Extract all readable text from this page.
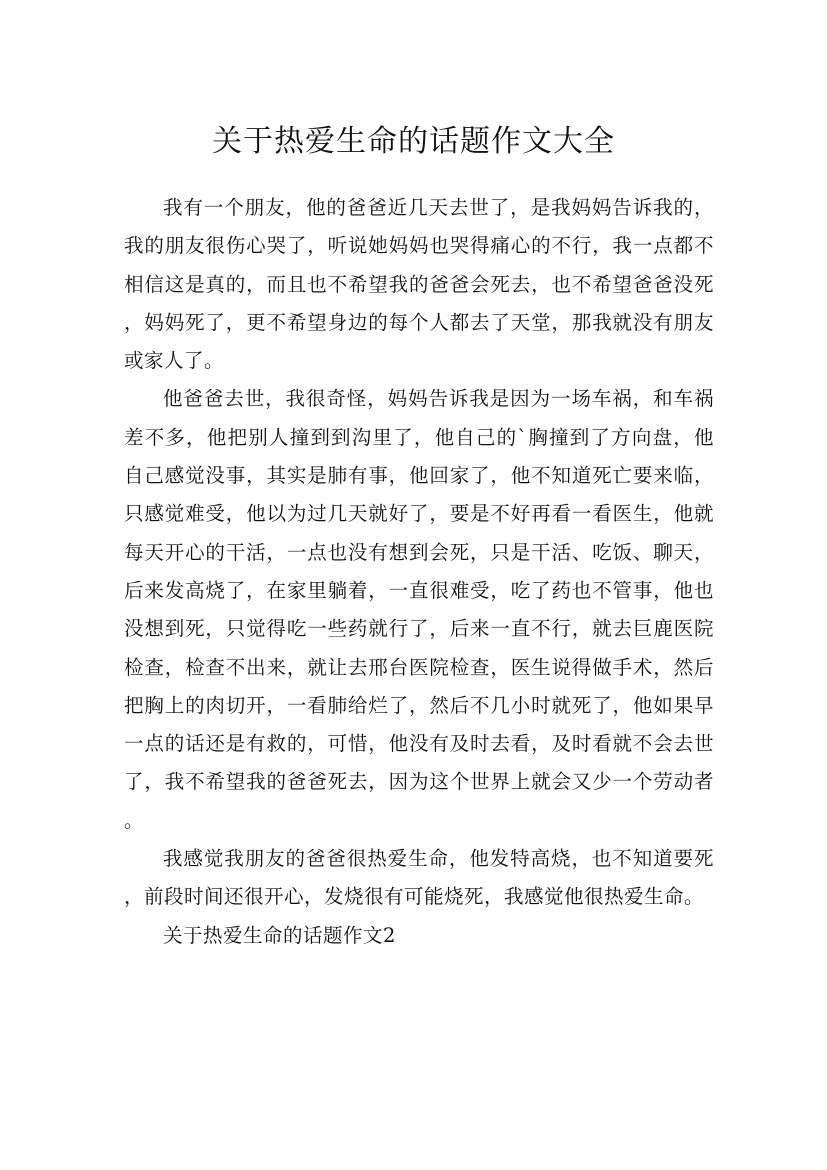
关于热爱生命的话题作文大全

我有一个朋友，他的爸爸近几天去世了，是我妈妈告诉我的，我的朋友很伤心哭了，听说她妈妈也哭得痛心的不行，我一点都不相信这是真的，而且也不希望我的爸爸会死去，也不希望爸爸没死，妈妈死了，更不希望身边的每个人都去了天堂，那我就没有朋友或家人了。

他爸爸去世，我很奇怪，妈妈告诉我是因为一场车祸，和车祸差不多，他把别人撞到到沟里了，他自己的`胸撞到了方向盘，他自己感觉没事，其实是肺有事，他回家了，他不知道死亡要来临，只感觉难受，他以为过几天就好了，要是不好再看一看医生，他就每天开心的干活，一点也没有想到会死，只是干活、吃饭、聊天，后来发高烧了，在家里躺着，一直很难受，吃了药也不管事，他也没想到死，只觉得吃一些药就行了，后来一直不行，就去巨鹿医院检查，检查不出来，就让去邢台医院检查，医生说得做手术，然后把胸上的肉切开，一看肺给烂了，然后不几小时就死了，他如果早一点的话还是有救的，可惜，他没有及时去看，及时看就不会去世了，我不希望我的爸爸死去，因为这个世界上就会又少一个劳动者。

我感觉我朋友的爸爸很热爱生命，他发特高烧，也不知道要死，前段时间还很开心，发烧很有可能烧死，我感觉他很热爱生命。

关于热爱生命的话题作文2
